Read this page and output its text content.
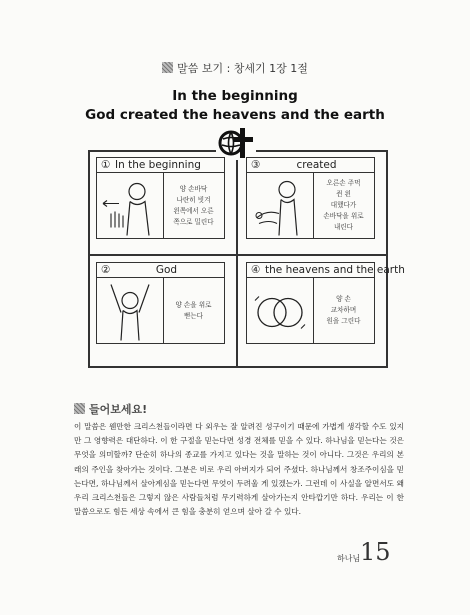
말씀 보기 : 창세기 1장 1절
In the beginning
God created the heavens and the earth
① In the beginning
양 손바닥
나란히 빗겨
왼쪽에서 오른
쪽으로 밀린다
③	created
오른손 주먹
쥔 왼
대했다가
손바닥을 위로
내린다
②	God
양 손을 위로
뻗는다
④ the heavens and the earth
양 손
교차하며
원을 그린다
들어보세요!
이 말씀은 웬만한 크리스천들이라면 다 외우는 잘 알려진 성구이기 때문에 가볍게 생각할 수도 있지만 그 영향력은 대단하다. 이 한 구절을 믿는다면 성경 전체를 믿을 수 있다. 하나님을 믿는다는 것은 무엇을 의미할까? 단순히 하나의 종교를 가지고 있다는 것을 말하는 것이 아니다. 그것은 우리의 본래의 주인을 찾아가는 것이다. 그분은 비로 우리 아버지가 되어 주셨다. 하나님께서 창조주이심을 믿는다면, 하나님께서 살아계심을 믿는다면 무엇이 두려울 게 있겠는가. 그런데 이 사실을 알면서도 왜 우리 크리스천들은 그렇지 않은 사람들처럼 무기력하게 살아가는지 안타깝기만 하다. 우리는 이 한 말씀으로도 힘든 세상 속에서 큰 힘을 충분히 얻으며 살아 갈 수 있다.
하나님 15
